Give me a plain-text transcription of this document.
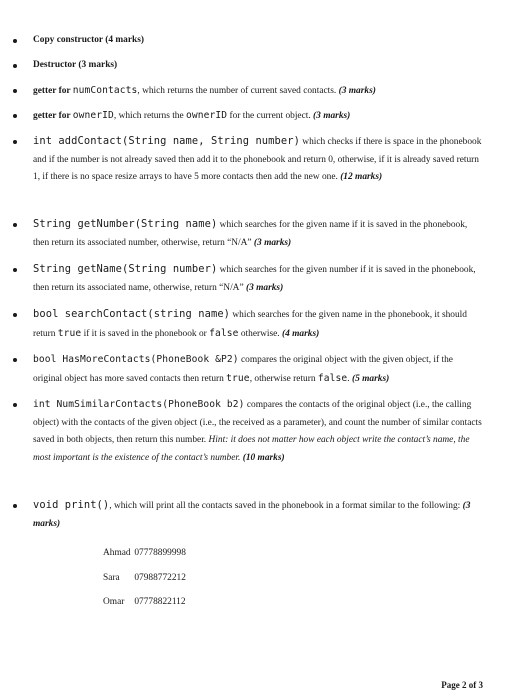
Copy constructor (4 marks)
Destructor (3 marks)
getter for numContacts, which returns the number of current saved contacts. (3 marks)
getter for ownerID, which returns the ownerID for the current object. (3 marks)
int addContact(String name, String number) which checks if there is space in the phonebook and if the number is not already saved then add it to the phonebook and return 0, otherwise, if it is already saved return 1, if there is no space resize arrays to have 5 more contacts then add the new one. (12 marks)
String getNumber(String name) which searches for the given name if it is saved in the phonebook, then return its associated number, otherwise, return “N/A” (3 marks)
String getName(String number) which searches for the given number if it is saved in the phonebook, then return its associated name, otherwise, return “N/A” (3 marks)
bool searchContact(string name) which searches for the given name in the phonebook, it should return true if it is saved in the phonebook or false otherwise. (4 marks)
bool HasMoreContacts(PhoneBook &P2) compares the original object with the given object, if the original object has more saved contacts then return true, otherwise return false. (5 marks)
int NumSimilarContacts(PhoneBook b2) compares the contacts of the original object (i.e., the calling object) with the contacts of the given object (i.e., the received as a parameter), and count the number of similar contacts saved in both objects, then return this number. Hint: it does not matter how each object write the contact’s name, the most important is the existence of the contact’s number. (10 marks)
void print(), which will print all the contacts saved in the phonebook in a format similar to the following: (3 marks)
Ahmad 07778899998
Sara 07988772212
Omar 07778822112
Page 2 of 3
